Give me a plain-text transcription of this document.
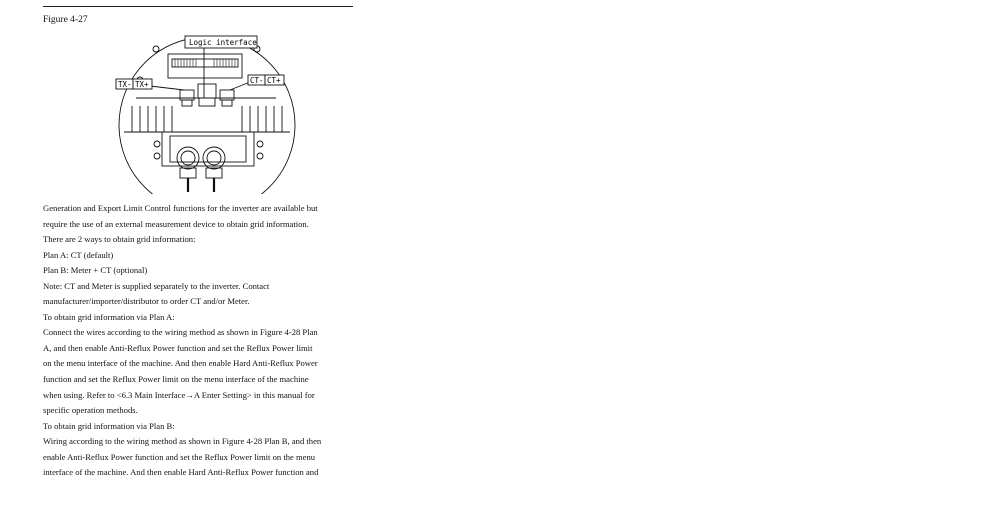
Figure 4-27
Logic interface
TX- TX+	CT- CT+
Generation and Export Limit Control functions for the inverter are available but
require the use of an external measurement device to obtain grid information.
There are 2 ways to obtain grid information:
Plan A: CT (default)
Plan B: Meter + CT (optional)
Note: CT and Meter is supplied separately to the inverter. Contact
manufacturer/importer/distributor to order CT and/or Meter.
To obtain grid information via Plan A:
Connect the wires according to the wiring method as shown in Figure 4-28 Plan
A, and then enable Anti-Reflux Power function and set the Reflux Power limit
on the menu interface of the machine. And then enable Hard Anti-Reflux Power
function and set the Reflux Power limit on the menu interface of the machine
when using. Refer to <6.3 Main Interface→A Enter Setting> in this manual for
specific operation methods.
To obtain grid information via Plan B:
Wiring according to the wiring method as shown in Figure 4-28 Plan B, and then
enable Anti-Reflux Power function and set the Reflux Power limit on the menu
interface of the machine. And then enable Hard Anti-Reflux Power function and
